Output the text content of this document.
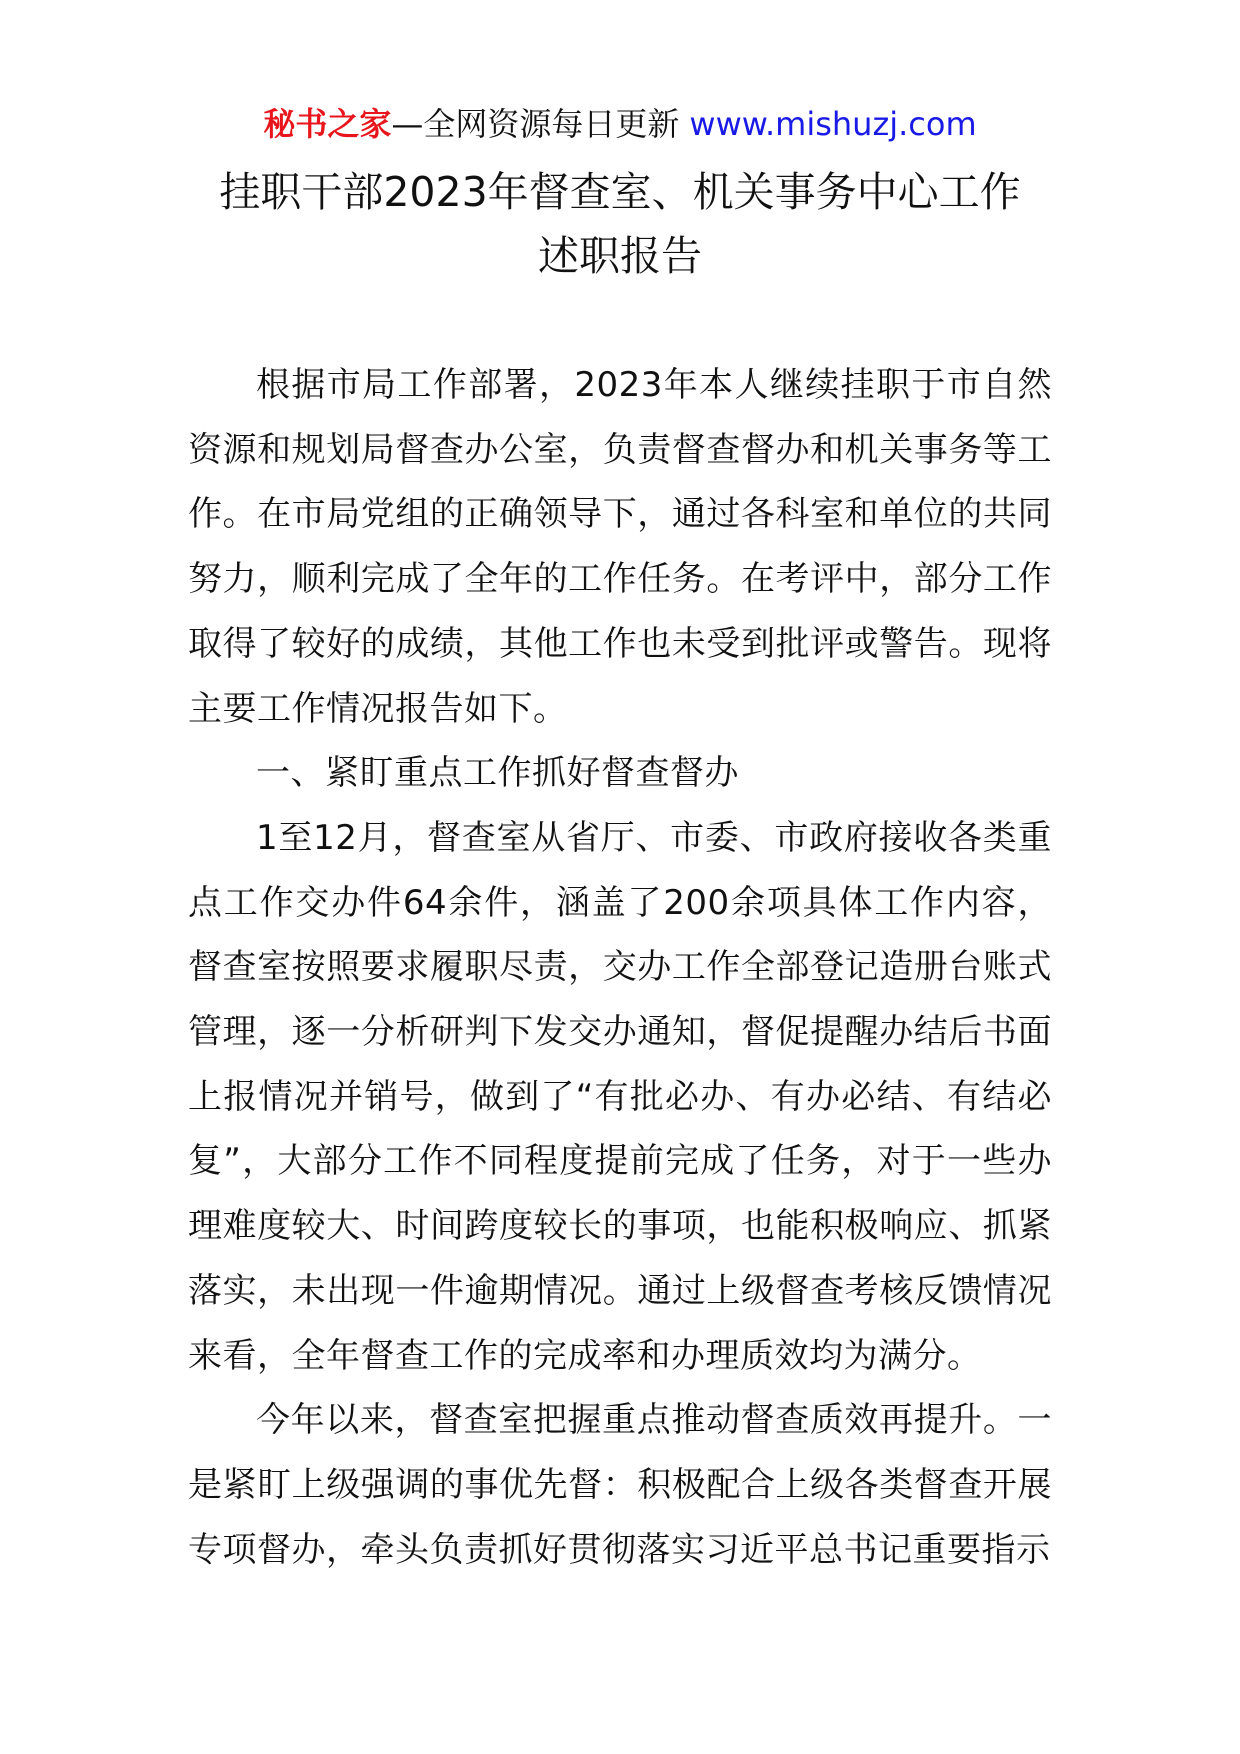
秘书之家—全网资源每日更新 www.mishuzj.com
挂职干部2023年督查室、机关事务中心工作
述职报告

根据市局工作部署，2023年本人继续挂职于市自然资源和规划局督查办公室，负责督查督办和机关事务等工作。在市局党组的正确领导下，通过各科室和单位的共同努力，顺利完成了全年的工作任务。在考评中，部分工作取得了较好的成绩，其他工作也未受到批评或警告。现将主要工作情况报告如下。

一、紧盯重点工作抓好督查督办

1至12月，督查室从省厅、市委、市政府接收各类重点工作交办件64余件，涵盖了200余项具体工作内容，督查室按照要求履职尽责，交办工作全部登记造册台账式管理，逐一分析研判下发交办通知，督促提醒办结后书面上报情况并销号，做到了“有批必办、有办必结、有结必复”，大部分工作不同程度提前完成了任务，对于一些办理难度较大、时间跨度较长的事项，也能积极响应、抓紧落实，未出现一件逾期情况。通过上级督查考核反馈情况来看，全年督查工作的完成率和办理质效均为满分。

今年以来，督查室把握重点推动督查质效再提升。一是紧盯上级强调的事优先督：积极配合上级各类督查开展专项督办，牵头负责抓好贯彻落实习近平总书记重要指示
